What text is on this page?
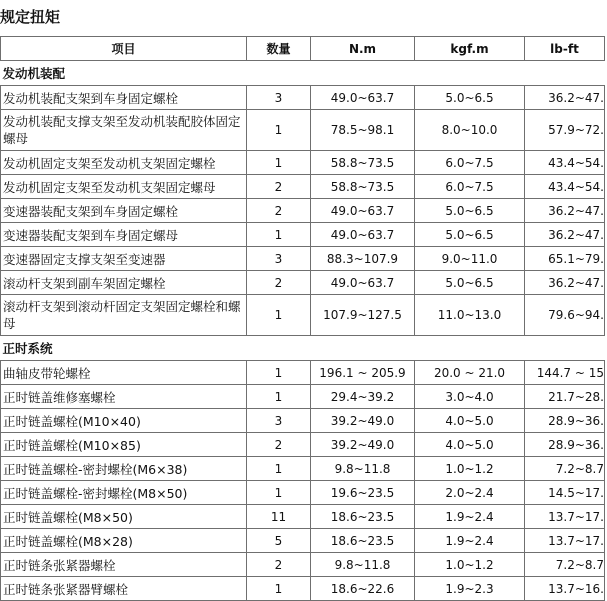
规定扭矩
项目	数量	N.m	kgf.m	lb-ft
发动机装配				
发动机装配支架到车身固定螺栓	3	49.0~63.7	5.0~6.5	36.2~47.
发动机装配支撑支架至发动机装配胶体固定螺母	1	78.5~98.1	8.0~10.0	57.9~72.
发动机固定支架至发动机支架固定螺栓	1	58.8~73.5	6.0~7.5	43.4~54.
发动机固定支架至发动机支架固定螺母	2	58.8~73.5	6.0~7.5	43.4~54.
变速器装配支架到车身固定螺栓	2	49.0~63.7	5.0~6.5	36.2~47.
变速器装配支架到车身固定螺母	1	49.0~63.7	5.0~6.5	36.2~47.
变速器固定支撑支架至变速器	3	88.3~107.9	9.0~11.0	65.1~79.
滚动杆支架到副车架固定螺栓	2	49.0~63.7	5.0~6.5	36.2~47.
滚动杆支架到滚动杆固定支架固定螺栓和螺母	1	107.9~127.5	11.0~13.0	79.6~94.
正时系统				
曲轴皮带轮螺栓	1	196.1 ~ 205.9	20.0 ~ 21.0	144.7 ~ 15
正时链盖维修塞螺栓	1	29.4~39.2	3.0~4.0	21.7~28.
正时链盖螺栓(M10×40)	3	39.2~49.0	4.0~5.0	28.9~36.
正时链盖螺栓(M10×85)	2	39.2~49.0	4.0~5.0	28.9~36.
正时链盖螺栓-密封螺栓(M6×38)	1	9.8~11.8	1.0~1.2	7.2~8.7
正时链盖螺栓-密封螺栓(M8×50)	1	19.6~23.5	2.0~2.4	14.5~17.
正时链盖螺栓(M8×50)	11	18.6~23.5	1.9~2.4	13.7~17.
正时链盖螺栓(M8×28)	5	18.6~23.5	1.9~2.4	13.7~17.
正时链条张紧器螺栓	2	9.8~11.8	1.0~1.2	7.2~8.7
正时链条张紧器臂螺栓	1	18.6~22.6	1.9~2.3	13.7~16.
